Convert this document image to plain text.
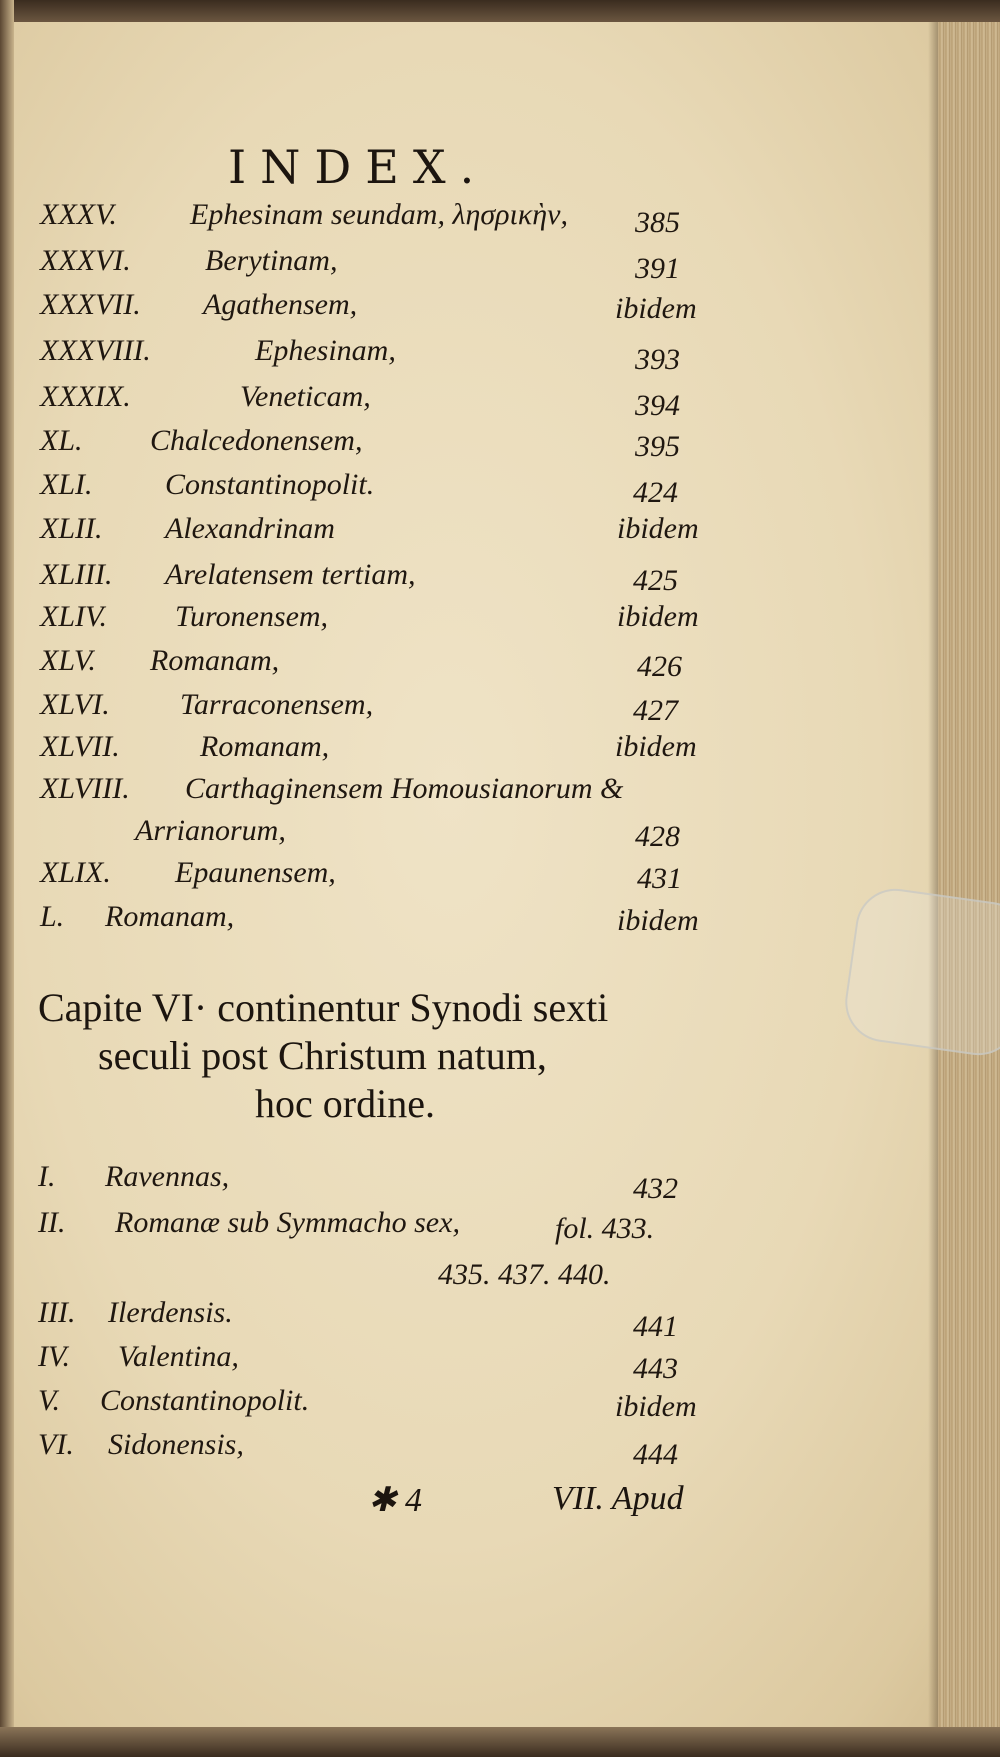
INDEX.
XXXV. Ephesinam seundam, λησρικὴν, 385
XXXVI. Berytinam,	391
XXXVII. Agathensem,	ibidem
XXXVIII.	Ephesinam,	393
XXXIX.	Veneticam,	394
XL. Chalcedonensem,	395
XLI. Constantinopolit.	424
XLII. Alexandrinam	ibidem
XLIII. Arelatensem tertiam,	425
XLIV. Turonensem,	ibidem
XLV. Romanam,	426
XLVI. Tarraconensem,	427
XLVII.	Romanam,	ibidem
XLVIII. Carthaginensem Homousianorum &
Arrianorum,	428
XLIX. Epaunensem,	431
L. Romanam,	ibidem
Capite VI· continentur Synodi sexti
seculi post Christum natum,
hoc ordine.
I. Ravennas,	432
II. Romanæ sub Symmacho sex,	fol. 433.
435. 437. 440.
III. Ilerdensis.	441
IV. Valentina,	443
V. Constantinopolit.	ibidem
VI. Sidonensis,	444
✱ 4	VII. Apud
